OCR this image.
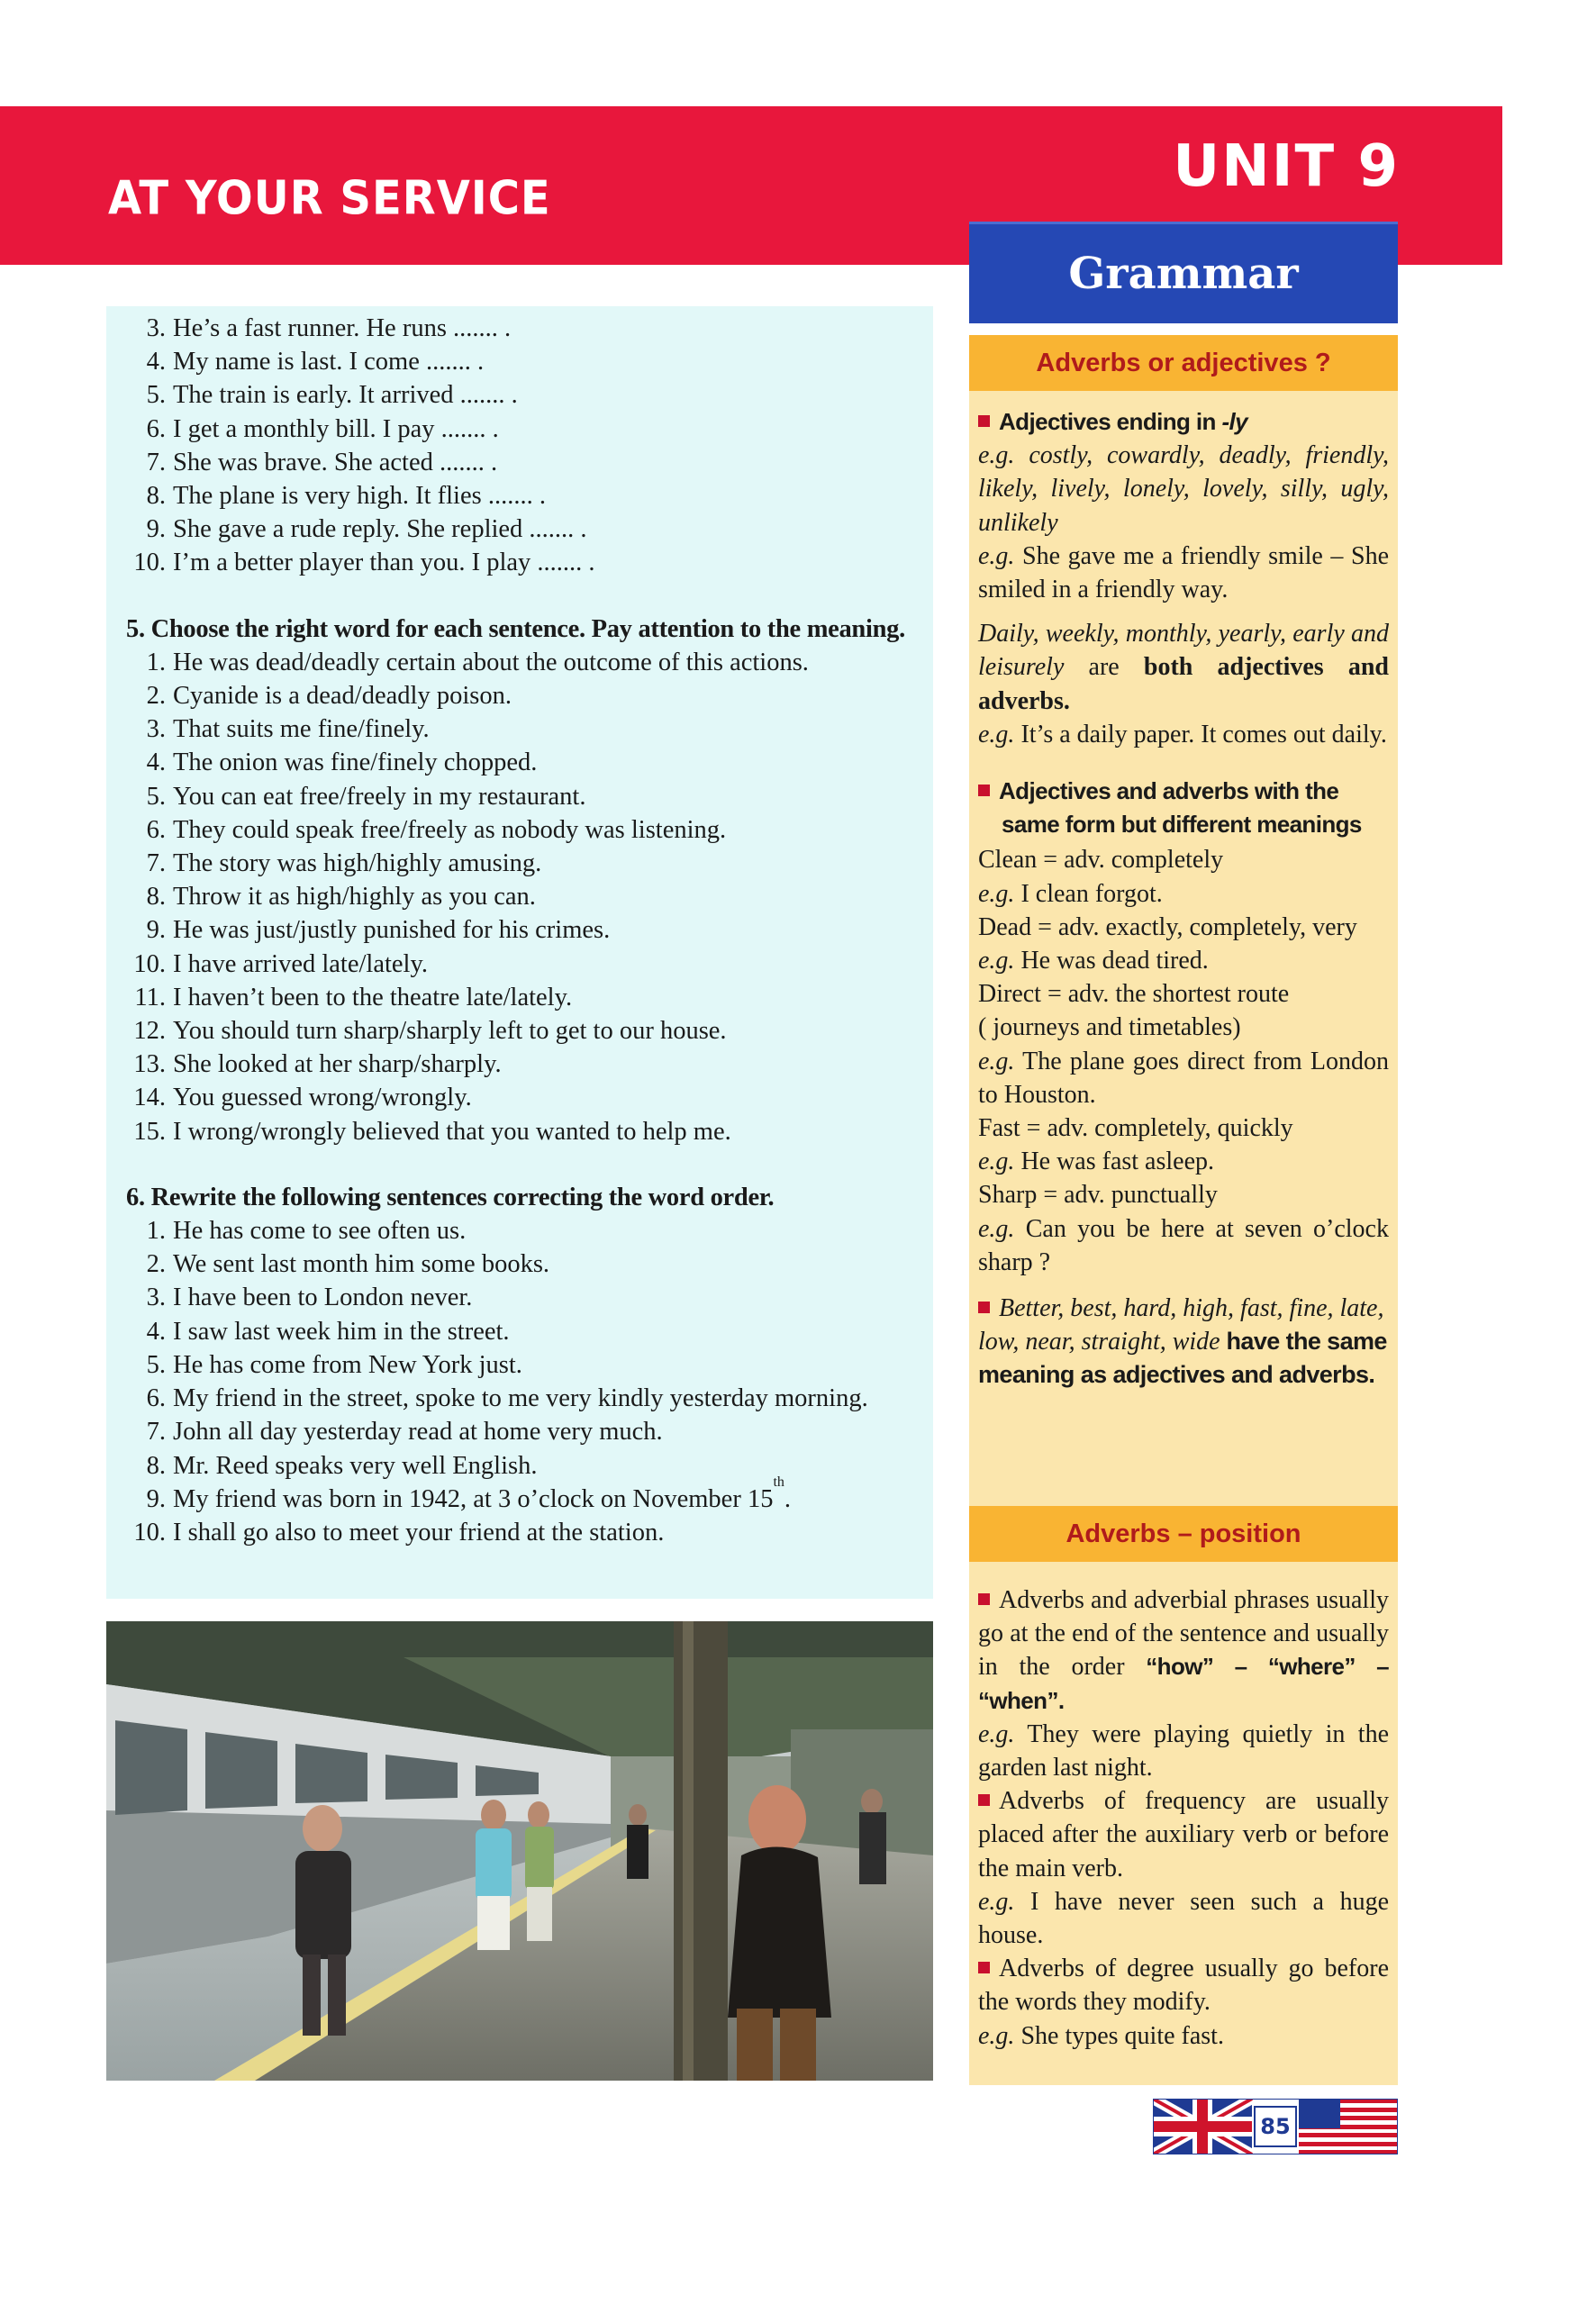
UNIT 9
AT YOUR SERVICE
Grammar
3. He’s a fast runner. He runs ....... .
4. My name is last. I come ....... .
5. The train is early. It arrived ....... .
6. I get a monthly bill. I pay ....... .
7. She was brave. She acted ....... .
8. The plane is very high. It flies ....... .
9. She gave a rude reply. She replied ....... .
10. I’m a better player than you. I play ....... .
5. Choose the right word for each sentence. Pay attention to the meaning.
1. He was dead/deadly certain about the outcome of this actions.
2. Cyanide is a dead/deadly poison.
3. That suits me fine/finely.
4. The onion was fine/finely chopped.
5. You can eat free/freely in my restaurant.
6. They could speak free/freely as nobody was listening.
7. The story was high/highly amusing.
8. Throw it as high/highly as you can.
9. He was just/justly punished for his crimes.
10. I have arrived late/lately.
11. I haven’t been to the theatre late/lately.
12. You should turn sharp/sharply left to get to our house.
13. She looked at her sharp/sharply.
14. You guessed wrong/wrongly.
15. I wrong/wrongly believed that you wanted to help me.
6. Rewrite the following sentences correcting the word order.
1. He has come to see often us.
2. We sent last month him some books.
3. I have been to London never.
4. I saw last week him in the street.
5. He has come from New York just.
6. My friend in the street, spoke to me very kindly yesterday morning.
7. John all day yesterday read at home very much.
8. Mr. Reed speaks very well English.
9. My friend was born in 1942, at 3 o’clock on November 15
th
.
10. I shall go also to meet your friend at the station.
Adverbs or adjectives ?
Adjectives ending in -ly
e.g. costly, cowardly, deadly, friendly, likely, lively, lonely, lovely, silly, ugly, unlikely
e.g. She gave me a friendly smile – She smiled in a friendly way.
Daily, weekly, monthly, yearly, early and leisurely are both adjectives and adverbs.
e.g. It’s a daily paper. It comes out daily.
Adjectives and adverbs with the
same form but different meanings
Clean = adv. completely
e.g. I clean forgot.
Dead = adv. exactly, completely, very
e.g. He was dead tired.
Direct = adv. the shortest route
( journeys and timetables)
e.g. The plane goes direct from London to Houston.
Fast = adv. completely, quickly
e.g. He was fast asleep.
Sharp = adv. punctually
e.g. Can you be here at seven o’clock sharp ?
Better, best, hard, high, fast, fine, late, low, near, straight, wide have the same meaning as adjectives and adverbs.
Adverbs – position
Adverbs and adverbial phrases usually go at the end of the sentence and usually in the order “how” – “where” – “when”.
e.g. They were playing quietly in the garden last night.
Adverbs of frequency are usually placed after the auxiliary verb or before the main verb.
e.g. I have never seen such a huge house.
Adverbs of degree usually go before the words they modify.
e.g. She types quite fast.
85
